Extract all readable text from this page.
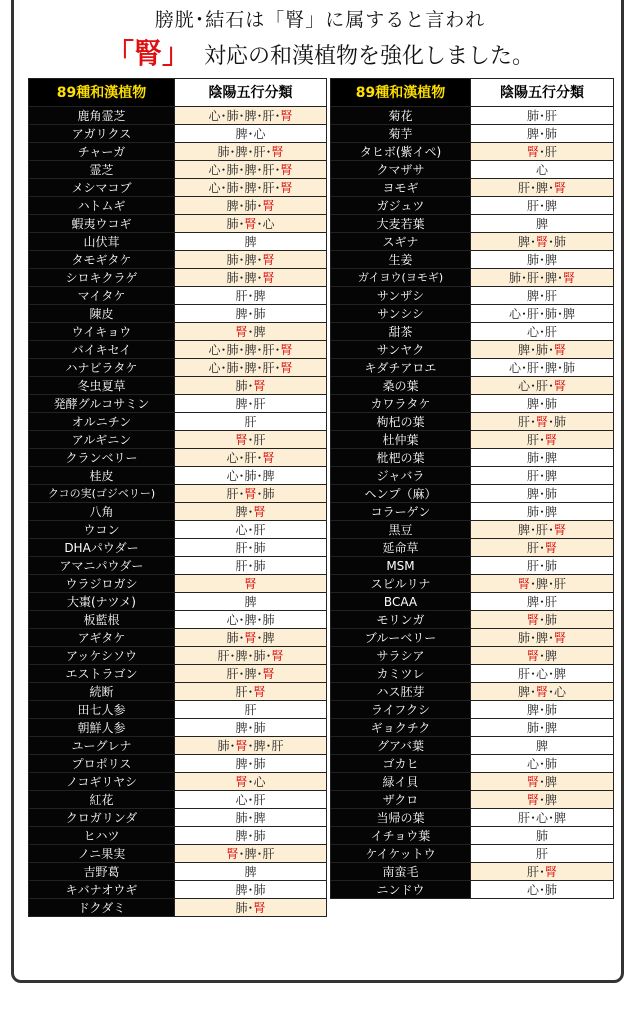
膀胱･結石は「腎」に属すると言われ
「腎」 対応の和漢植物を強化しました。
89種和漢植物	陰陽五行分類
鹿角霊芝	心･肺･脾･肝･腎
アガリクス	脾･心
チャーガ	肺･脾･肝･腎
霊芝	心･肺･脾･肝･腎
メシマコブ	心･肺･脾･肝･腎
ハトムギ	脾･肺･腎
蝦夷ウコギ	肺･腎･心
山伏茸	脾
タモギタケ	肺･脾･腎
シロキクラゲ	肺･脾･腎
マイタケ	肝･脾
陳皮	脾･肺
ウイキョウ	腎･脾
バイキセイ	心･肺･脾･肝･腎
ハナビラタケ	心･肺･脾･肝･腎
冬虫夏草	肺･腎
発酵グルコサミン	脾･肝
オルニチン	肝
アルギニン	腎･肝
クランベリー	心･肝･腎
桂皮	心･肺･脾
クコの実(ゴジベリー)	肝･腎･肺
八角	脾･腎
ウコン	心･肝
DHAパウダー	肝･肺
アマニパウダー	肝･肺
ウラジロガシ	腎
大棗(ナツメ)	脾
板藍根	心･脾･肺
アギタケ	肺･腎･脾
アッケシソウ	肝･脾･肺･腎
エストラゴン	肝･脾･腎
続断	肝･腎
田七人参	肝
朝鮮人参	脾･肺
ユーグレナ	肺･腎･脾･肝
プロポリス	脾･肺
ノコギリヤシ	腎･心
紅花	心･肝
クロガリンダ	肺･脾
ヒハツ	脾･肺
ノニ果実	腎･脾･肝
吉野葛	脾
キバナオウギ	脾･肺
ドクダミ	肺･腎
89種和漢植物	陰陽五行分類
菊花	肺･肝
菊芋	脾･肺
タヒボ(紫イペ)	腎･肝
クマザサ	心
ヨモギ	肝･脾･腎
ガジュツ	肝･脾
大麦若葉	脾
スギナ	脾･腎･肺
生姜	肺･脾
ガイヨウ(ヨモギ)	肺･肝･脾･腎
サンザシ	脾･肝
サンシシ	心･肝･肺･脾
甜茶	心･肝
サンヤク	脾･肺･腎
キダチアロエ	心･肝･脾･肺
桑の葉	心･肝･腎
カワラタケ	脾･肺
枸杞の葉	肝･腎･肺
杜仲葉	肝･腎
枇杷の葉	肺･脾
ジャバラ	肝･脾
ヘンプ（麻）	脾･肺
コラーゲン	肺･脾
黒豆	脾･肝･腎
延命草	肝･腎
MSM	肝･肺
スピルリナ	腎･脾･肝
BCAA	脾･肝
モリンガ	腎･肺
ブルーベリー	肺･脾･腎
サラシア	腎･脾
カミツレ	肝･心･脾
ハス胚芽	脾･腎･心
ライフクシ	脾･肺
ギョクチク	肺･脾
グアバ葉	脾
ゴカヒ	心･肺
緑イ貝	腎･脾
ザクロ	腎･脾
当帰の葉	肝･心･脾
イチョウ葉	肺
ケイケットウ	肝
南蛮毛	肝･腎
ニンドウ	心･肺
